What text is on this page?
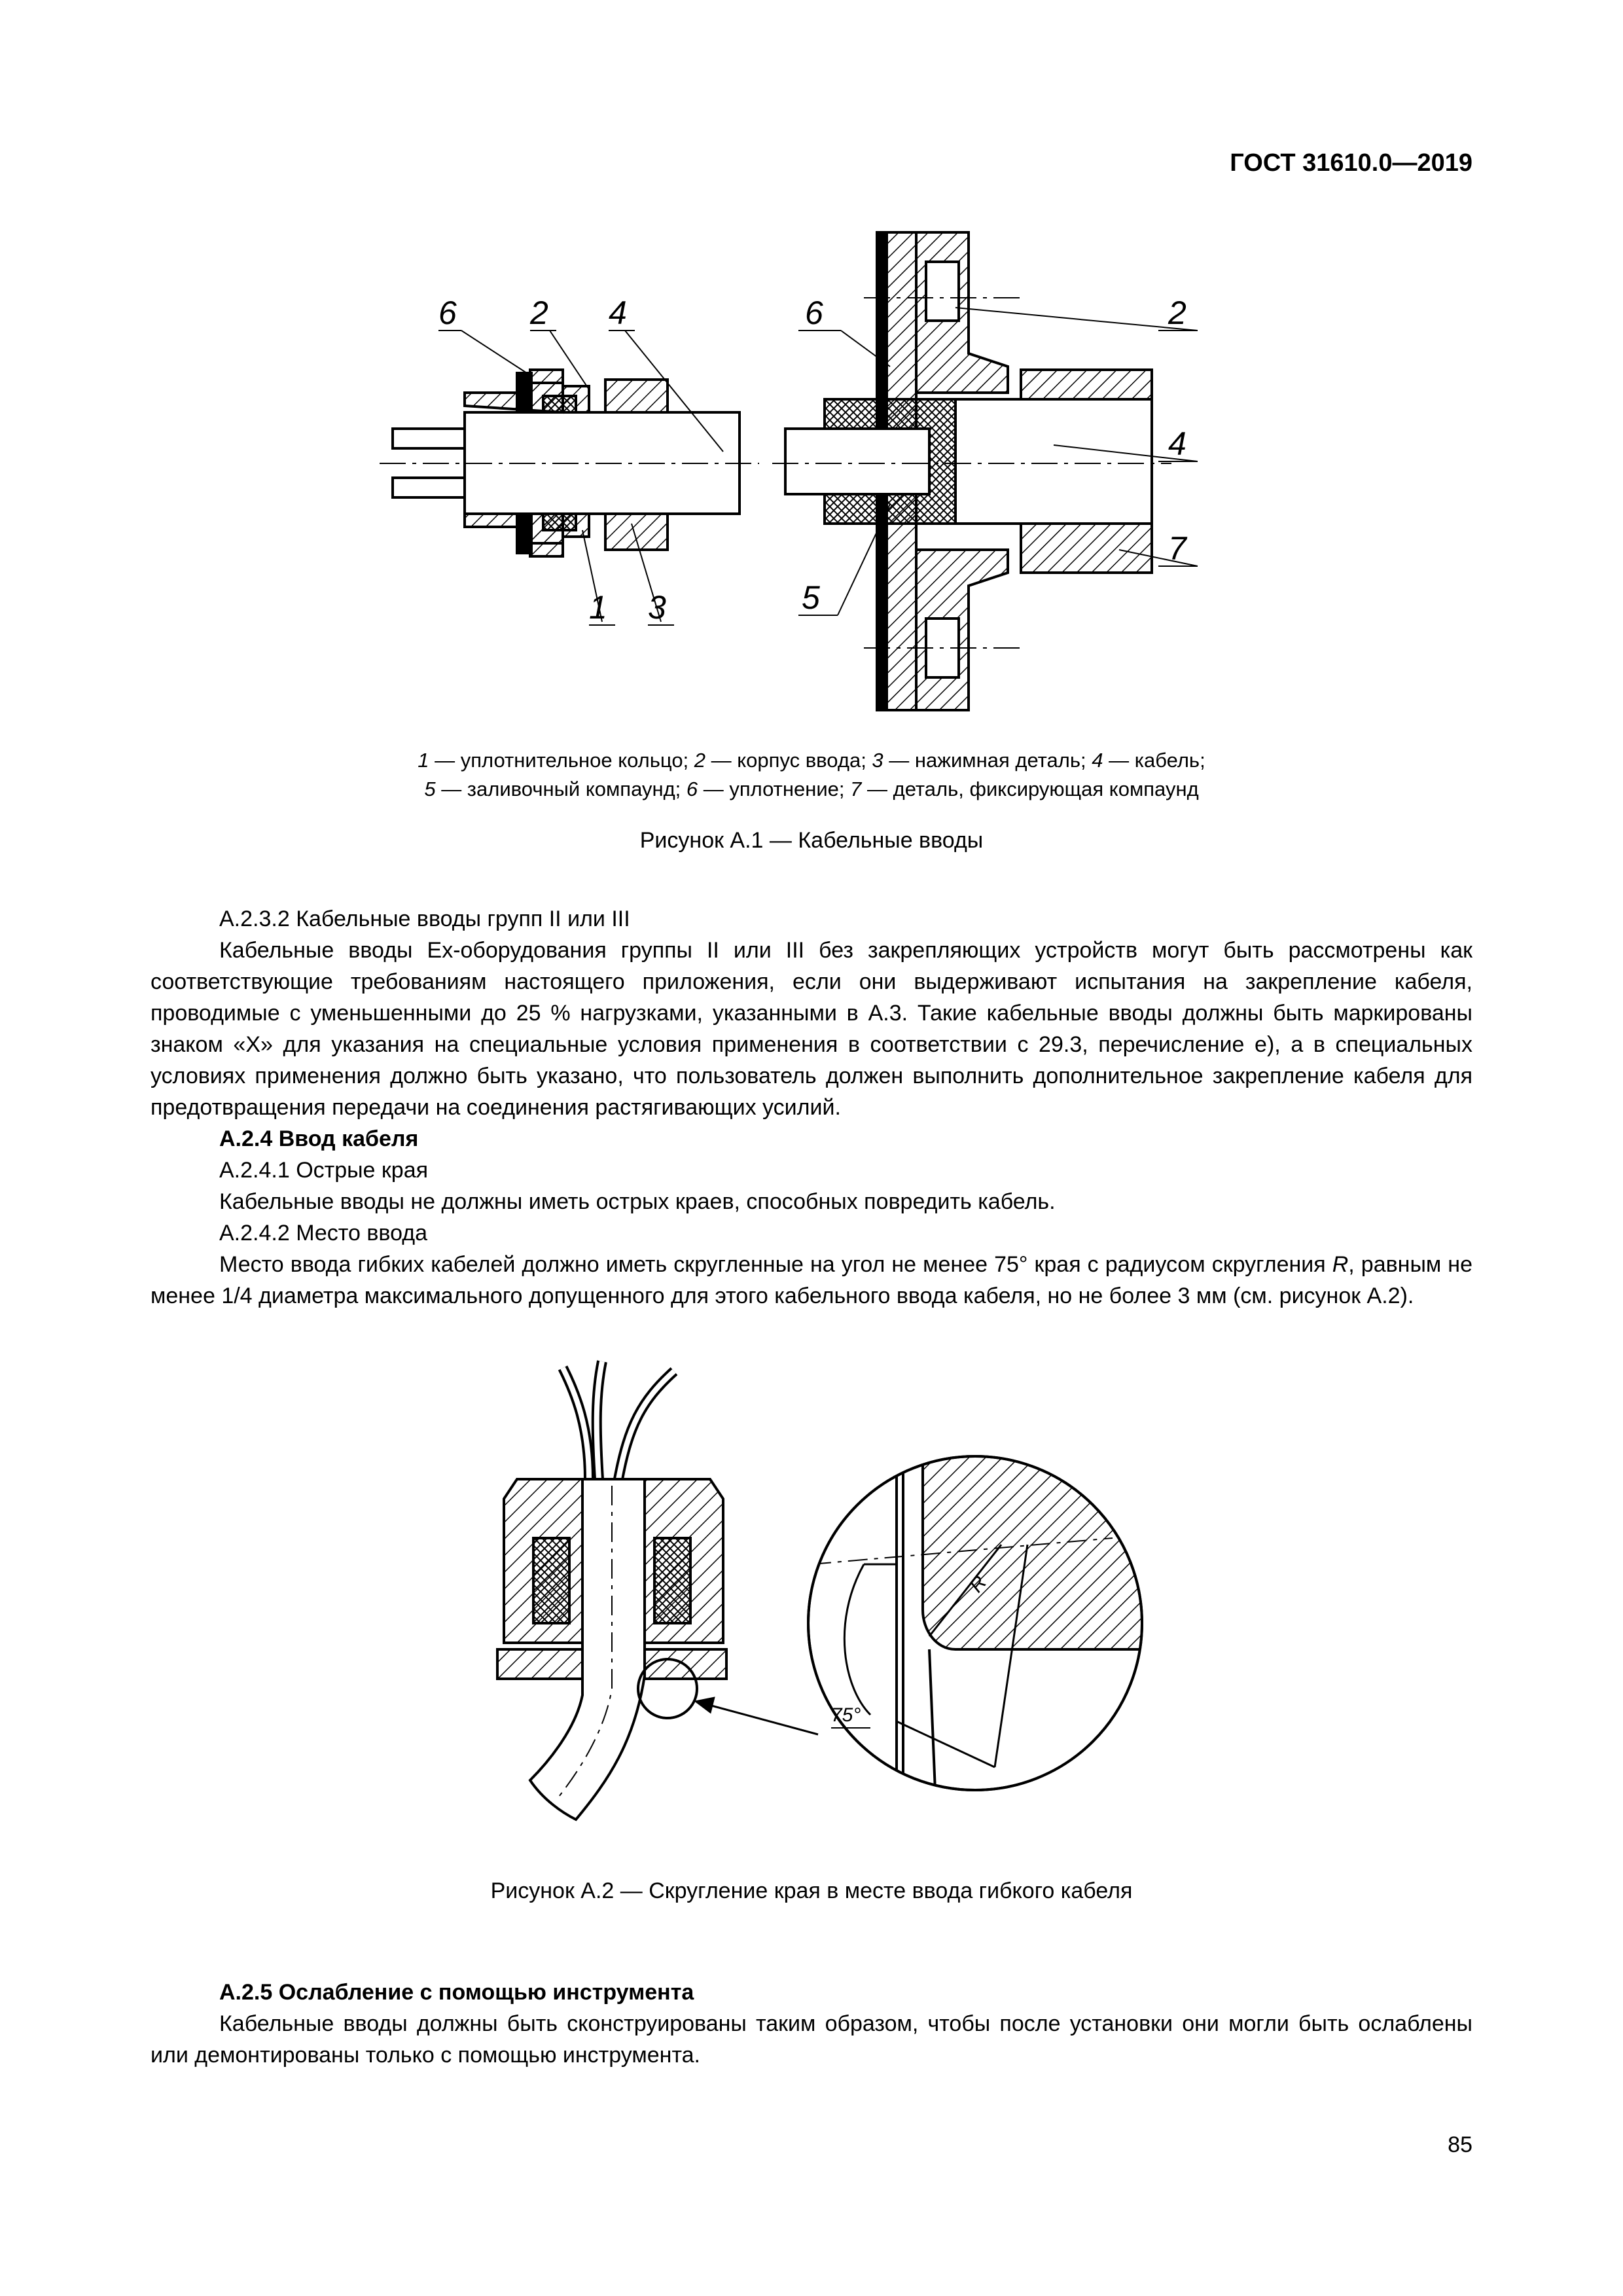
ГОСТ 31610.0—2019
6 2 4
1 3
6	2
4
7
5
1 — уплотнительное кольцо; 2 — корпус ввода; 3 — нажимная деталь; 4 — кабель;
5 — заливочный компаунд; 6 — уплотнение; 7 — деталь, фиксирующая компаунд
Рисунок А.1 — Кабельные вводы

А.2.3.2 Кабельные вводы групп II или III

Кабельные вводы Ex-оборудования группы II или III без закрепляющих устройств могут быть рассмотрены как соответствующие требованиям настоящего приложения, если они выдерживают испытания на закрепление кабеля, проводимые с уменьшенными до 25 % нагрузками, указанными в А.3. Такие кабельные вводы должны быть маркированы знаком «Х» для указания на специальные условия применения в соответствии с 29.3, перечисление е), а в специальных условиях применения должно быть указано, что пользователь должен выполнить дополнительное закрепление кабеля для предотвращения передачи на соединения растягивающих усилий.

А.2.4 Ввод кабеля

А.2.4.1 Острые края

Кабельные вводы не должны иметь острых краев, способных повредить кабель.

А.2.4.2 Место ввода

Место ввода гибких кабелей должно иметь скругленные на угол не менее 75° края с радиусом скругления R, равным не менее 1/4 диаметра максимального допущенного для этого кабельного ввода кабеля, но не более 3 мм (см. рисунок А.2).

75°
R
Рисунок А.2 — Скругление края в месте ввода гибкого кабеля

А.2.5 Ослабление с помощью инструмента

Кабельные вводы должны быть сконструированы таким образом, чтобы после установки они могли быть ослаблены или демонтированы только с помощью инструмента.

85
